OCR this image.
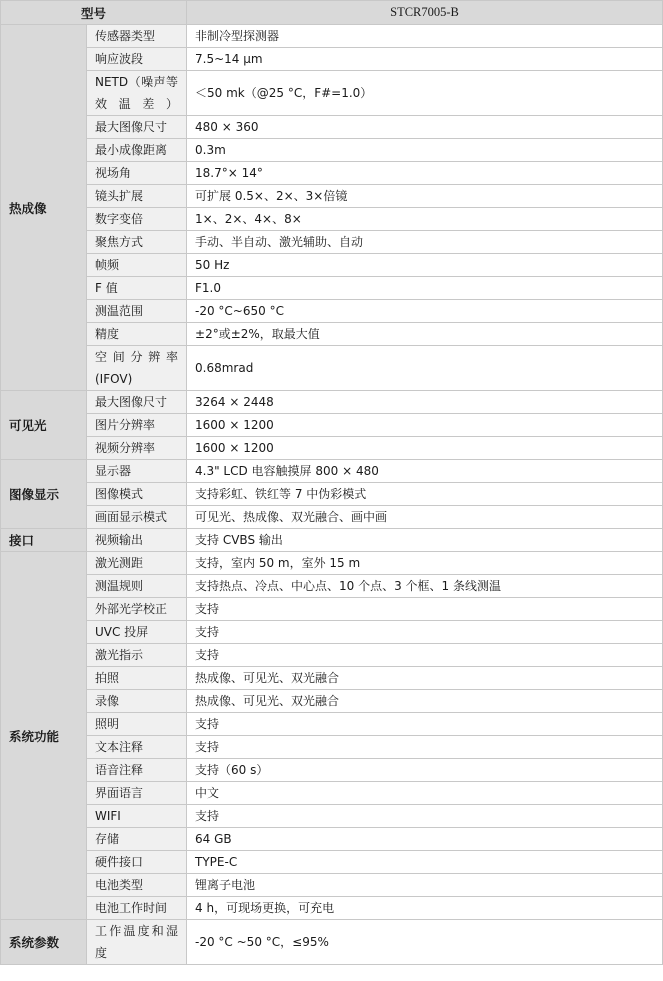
型号		STCR7005-B
热成像	传感器类型	非制冷型探测器
	响应波段	7.5~14 μm
	NETD（噪声等效温差）	＜50 mk（@25 °C，F#=1.0）
	最大图像尺寸	480 × 360
	最小成像距离	0.3m
	视场角	18.7°× 14°
	镜头扩展	可扩展 0.5×、2×、3×倍镜
	数字变倍	1×、2×、4×、8×
	聚焦方式	手动、半自动、激光辅助、自动
	帧频	50 Hz
	F 值	F1.0
	测温范围	-20 °C~650 °C
	精度	±2°或±2%，取最大值
	空 间 分 辨 率 (IFOV)	0.68mrad
可见光	最大图像尺寸	3264 × 2448
	图片分辨率	1600 × 1200
	视频分辨率	1600 × 1200
图像显示	显示器	4.3" LCD 电容触摸屏 800 × 480
	图像模式	支持彩虹、铁红等 7 中伪彩模式
	画面显示模式	可见光、热成像、双光融合、画中画
接口	视频输出	支持 CVBS 输出
系统功能	激光测距	支持，室内 50 m，室外 15 m
	测温规则	支持热点、冷点、中心点、10 个点、3 个框、1 条线测温
	外部光学校正	支持
	UVC 投屏	支持
	激光指示	支持
	拍照	热成像、可见光、双光融合
	录像	热成像、可见光、双光融合
	照明	支持
	文本注释	支持
	语音注释	支持（60 s）
	界面语言	中文
	WIFI	支持
	存储	64 GB
	硬件接口	TYPE-C
	电池类型	锂离子电池
	电池工作时间	4 h，可现场更换，可充电
系统参数	工作温度和湿度	-20 °C ~50 °C，≤95%
